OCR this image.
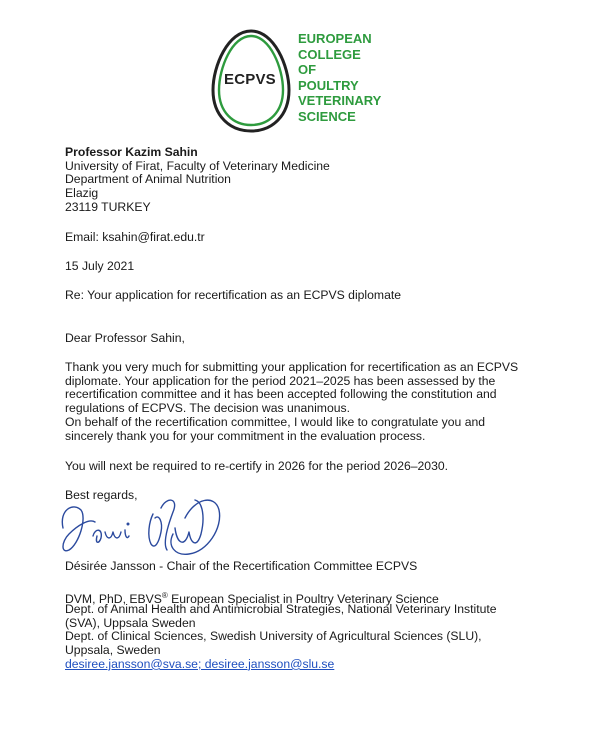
ECPVS
EUROPEAN
COLLEGE
OF
POULTRY
VETERINARY
SCIENCE
Professor Kazim Sahin
University of Firat, Faculty of Veterinary Medicine
Department of Animal Nutrition
Elazig
23119 TURKEY
Email: ksahin@firat.edu.tr
15 July 2021
Re: Your application for recertification as an ECPVS diplomate
Dear Professor Sahin,
Thank you very much for submitting your application for recertification as an ECPVS
diplomate. Your application for the period 2021–2025 has been assessed by the
recertification committee and it has been accepted following the constitution and
regulations of ECPVS. The decision was unanimous.
On behalf of the recertification committee, I would like to congratulate you and
sincerely thank you for your commitment in the evaluation process.
You will next be required to re-certify in 2026 for the period 2026–2030.
Best regards,
Désirée Jansson - Chair of the Recertification Committee ECPVS
DVM, PhD, EBVS® European Specialist in Poultry Veterinary Science
Dept. of Animal Health and Antimicrobial Strategies, National Veterinary Institute
(SVA), Uppsala Sweden
Dept. of Clinical Sciences, Swedish University of Agricultural Sciences (SLU),
Uppsala, Sweden
desiree.jansson@sva.se; desiree.jansson@slu.se
